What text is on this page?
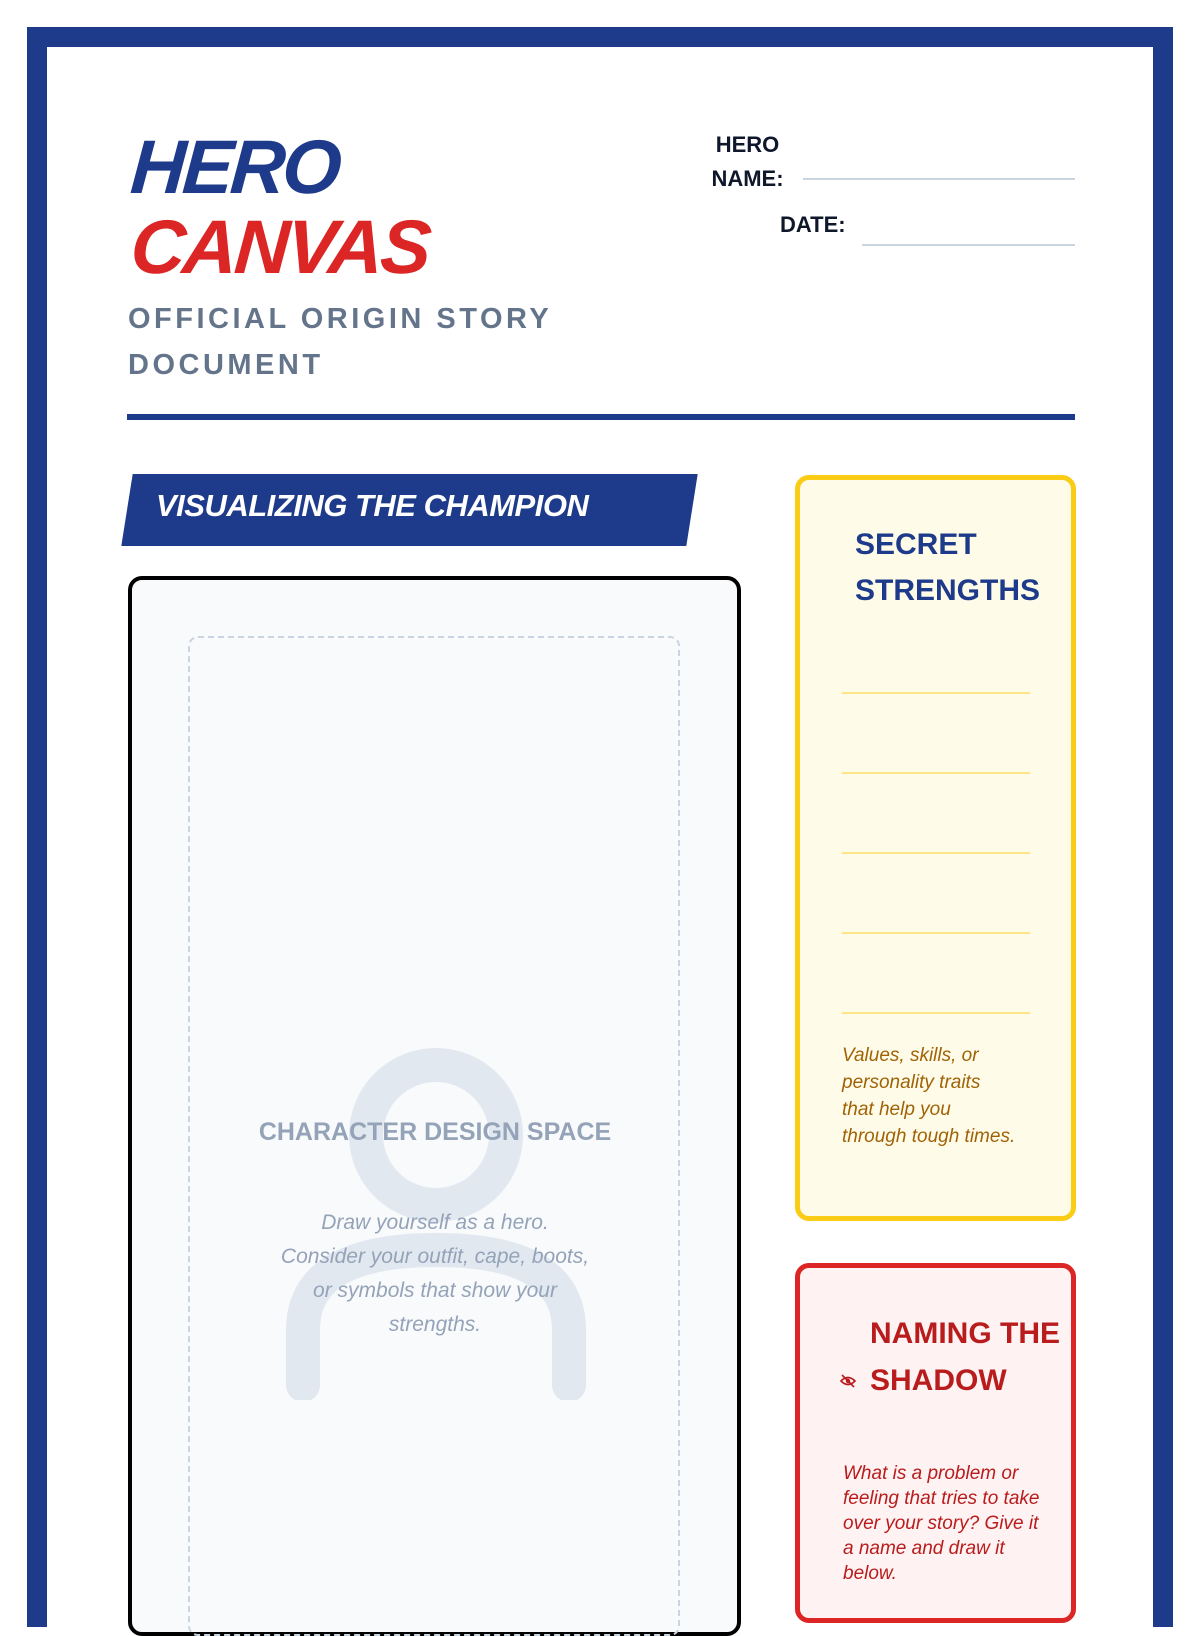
HERO
CANVAS
OFFICIAL ORIGIN STORY DOCUMENT
HERO NAME:
DATE:
VISUALIZING THE CHAMPION
CHARACTER DESIGN SPACE
Draw yourself as a hero. Consider your outfit, cape, boots, or symbols that show your strengths.
SECRET STRENGTHS
Values, skills, or personality traits that help you through tough times.
NAMING THE SHADOW
What is a problem or feeling that tries to take over your story? Give it a name and draw it below.
